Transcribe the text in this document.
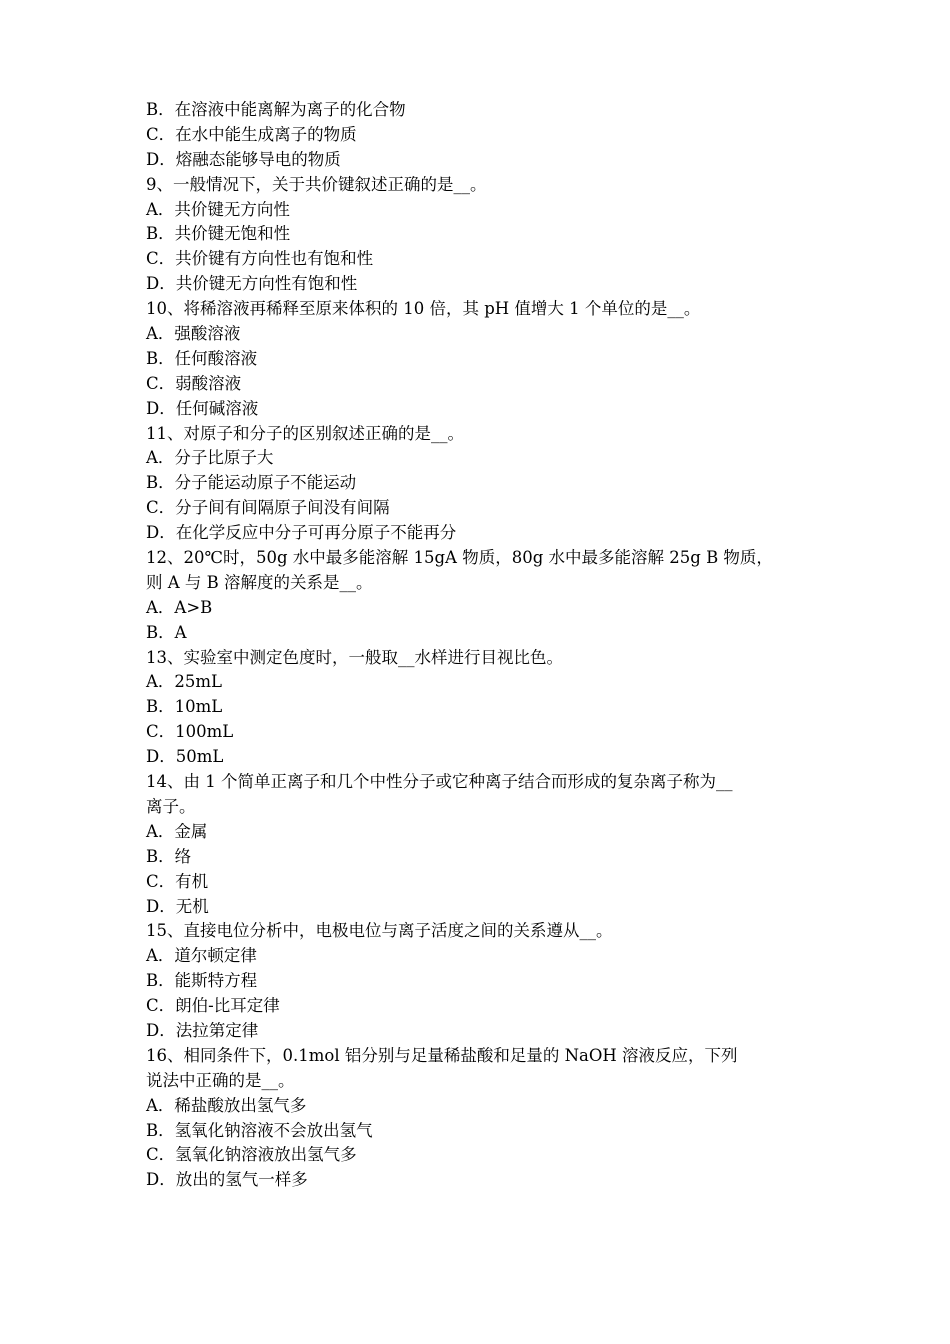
B．在溶液中能离解为离子的化合物
C．在水中能生成离子的物质
D．熔融态能够导电的物质
9、一般情况下，关于共价键叙述正确的是__。
A．共价键无方向性
B．共价键无饱和性
C．共价键有方向性也有饱和性
D．共价键无方向性有饱和性
10、将稀溶液再稀释至原来体积的 10 倍，其 pH 值增大 1 个单位的是__。
A．强酸溶液
B．任何酸溶液
C．弱酸溶液
D．任何碱溶液
11、对原子和分子的区别叙述正确的是__。
A．分子比原子大
B．分子能运动原子不能运动
C．分子间有间隔原子间没有间隔
D．在化学反应中分子可再分原子不能再分
12、20℃时，50g 水中最多能溶解 15gA 物质，80g 水中最多能溶解 25g B 物质，
则 A 与 B 溶解度的关系是__。
A．A>B
B．A
13、实验室中测定色度时，一般取__水样进行目视比色。
A．25mL
B．10mL
C．100mL
D．50mL
14、由 1 个简单正离子和几个中性分子或它种离子结合而形成的复杂离子称为__
离子。
A．金属
B．络
C．有机
D．无机
15、直接电位分析中，电极电位与离子活度之间的关系遵从__。
A．道尔顿定律
B．能斯特方程
C．朗伯-比耳定律
D．法拉第定律
16、相同条件下，0.1mol 铝分别与足量稀盐酸和足量的 NaOH 溶液反应，下列
说法中正确的是__。
A．稀盐酸放出氢气多
B．氢氧化钠溶液不会放出氢气
C．氢氧化钠溶液放出氢气多
D．放出的氢气一样多
